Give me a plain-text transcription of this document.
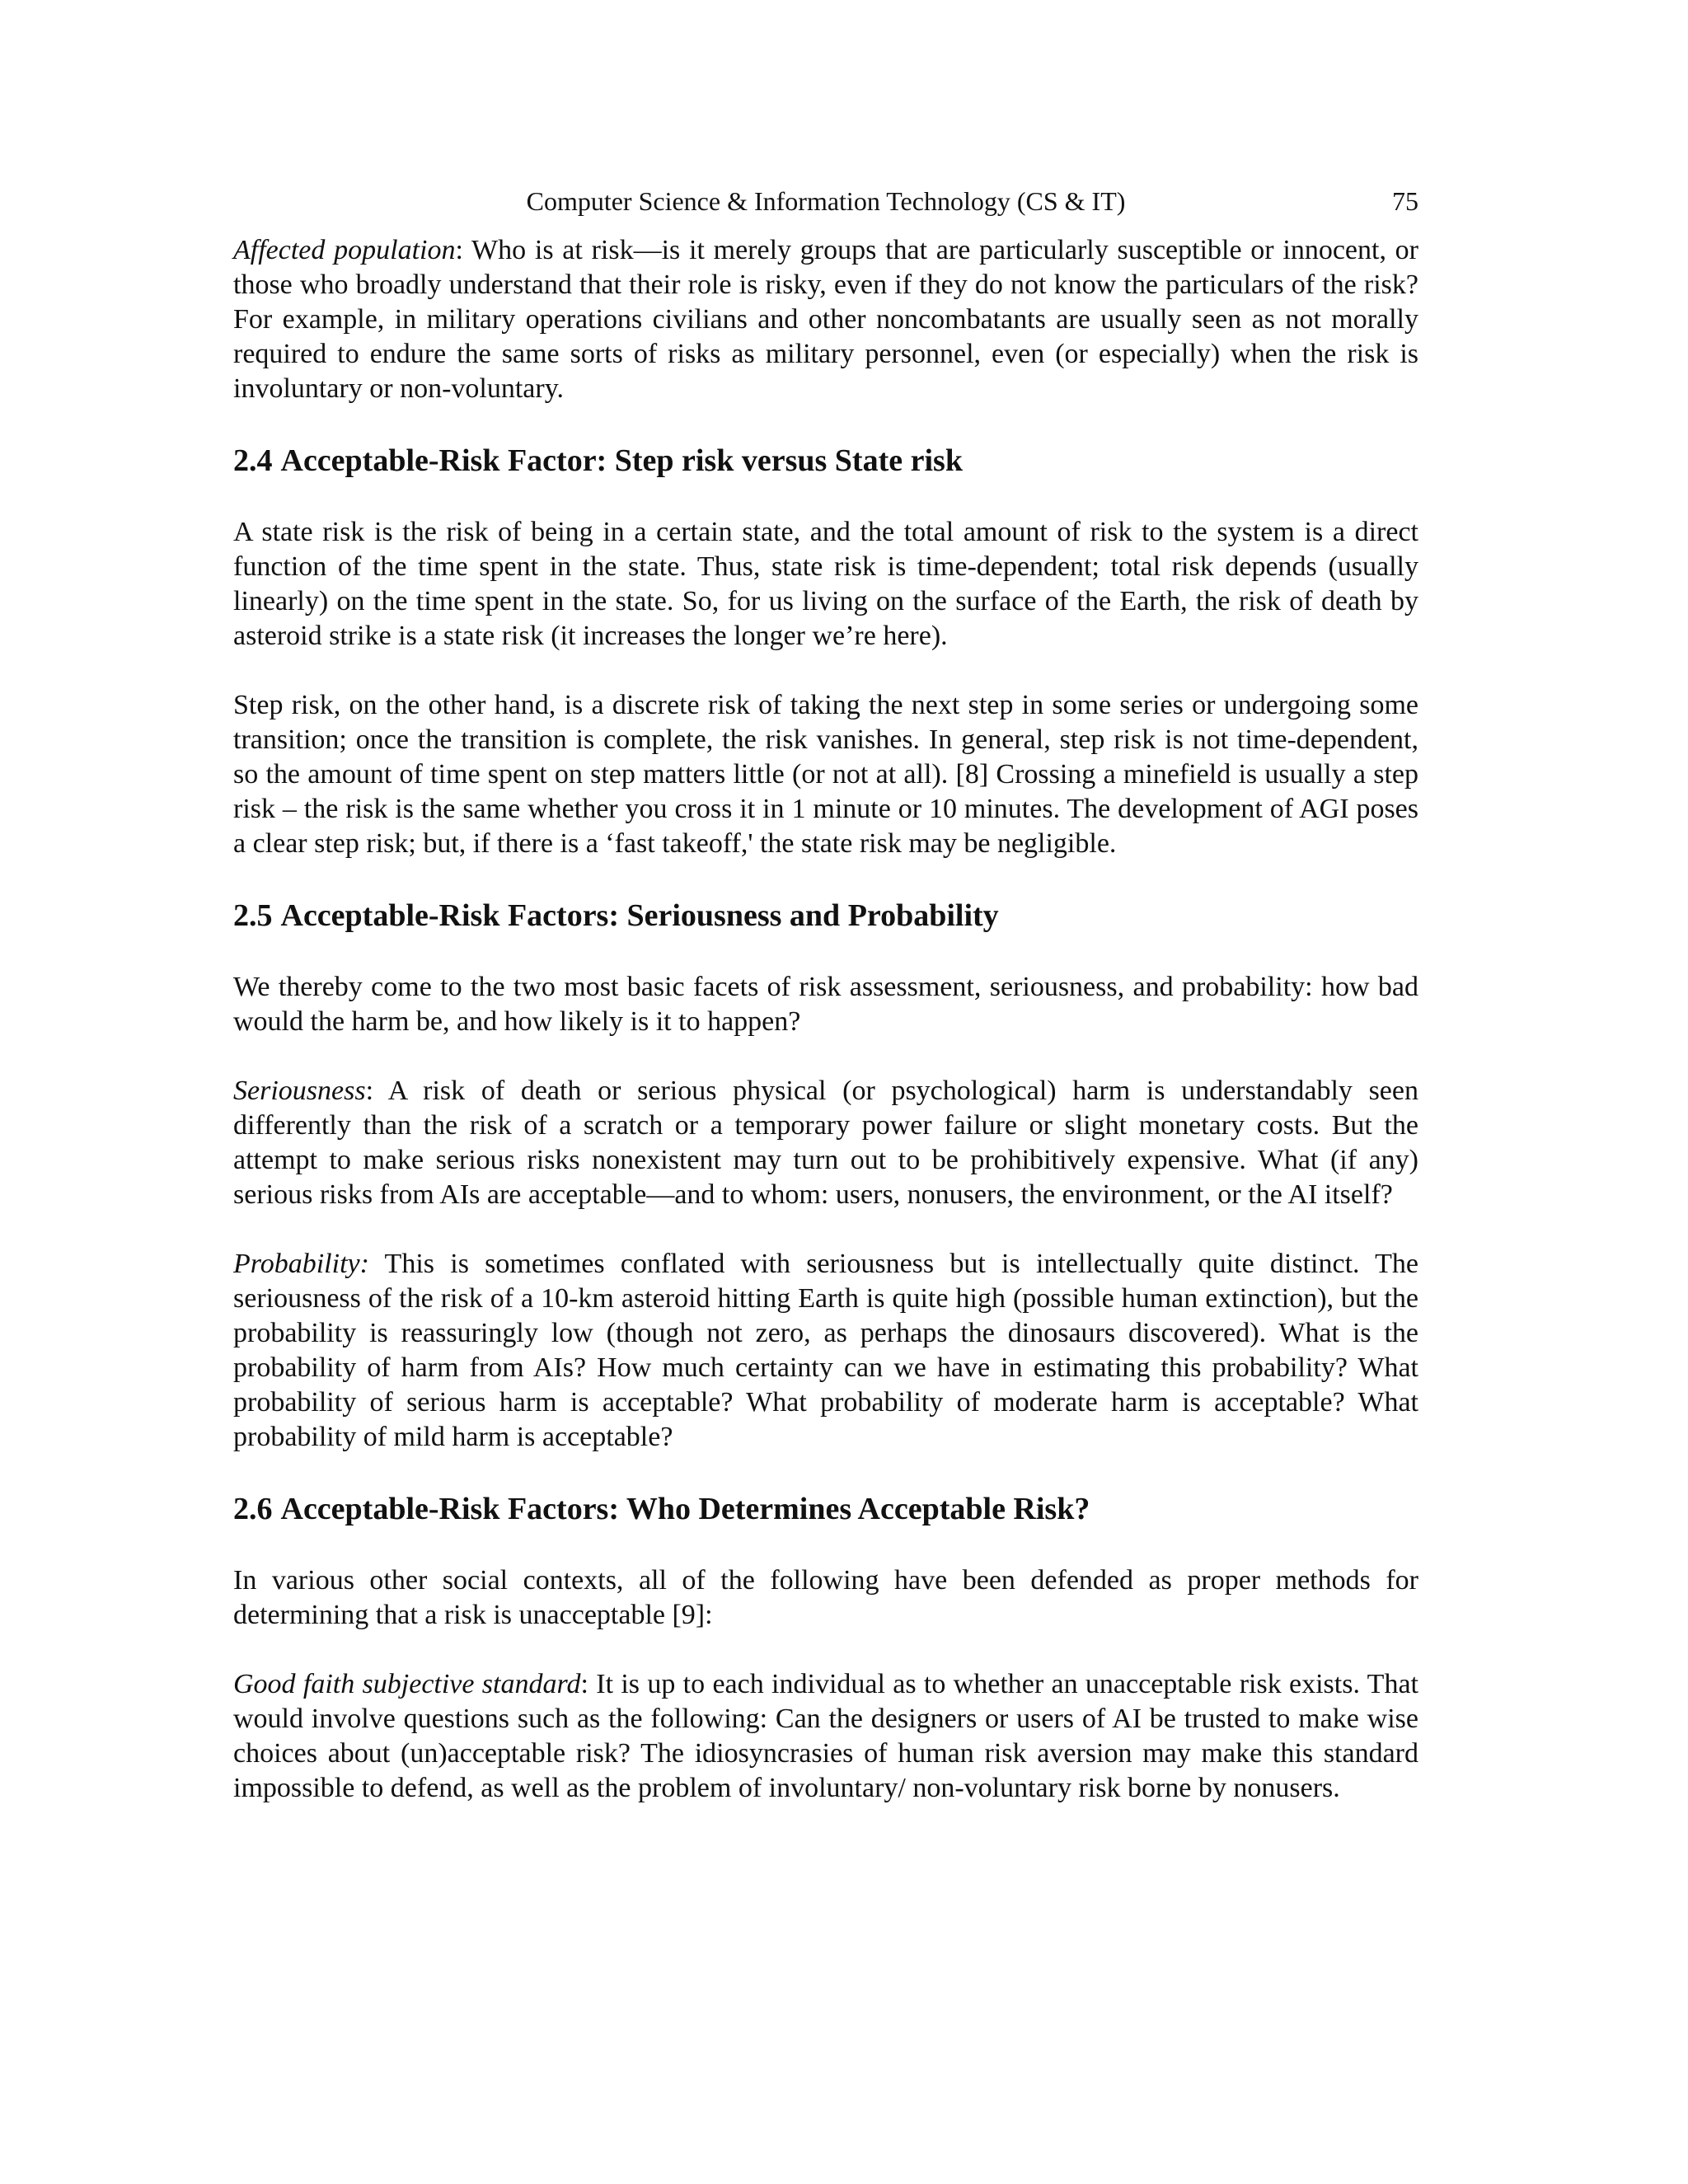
Computer Science & Information Technology (CS & IT)	75

Affected population: Who is at risk—is it merely groups that are particularly susceptible or innocent, or those who broadly understand that their role is risky, even if they do not know the particulars of the risk? For example, in military operations civilians and other noncombatants are usually seen as not morally required to endure the same sorts of risks as military personnel, even (or especially) when the risk is involuntary or non-voluntary.

2.4 Acceptable-Risk Factor: Step risk versus State risk

A state risk is the risk of being in a certain state, and the total amount of risk to the system is a direct function of the time spent in the state. Thus, state risk is time-dependent; total risk depends (usually linearly) on the time spent in the state. So, for us living on the surface of the Earth, the risk of death by asteroid strike is a state risk (it increases the longer we’re here).

Step risk, on the other hand, is a discrete risk of taking the next step in some series or undergoing some transition; once the transition is complete, the risk vanishes. In general, step risk is not time-dependent, so the amount of time spent on step matters little (or not at all). [8] Crossing a minefield is usually a step risk – the risk is the same whether you cross it in 1 minute or 10 minutes. The development of AGI poses a clear step risk; but, if there is a ‘fast takeoff,' the state risk may be negligible.

2.5 Acceptable-Risk Factors: Seriousness and Probability

We thereby come to the two most basic facets of risk assessment, seriousness, and probability: how bad would the harm be, and how likely is it to happen?

Seriousness: A risk of death or serious physical (or psychological) harm is understandably seen differently than the risk of a scratch or a temporary power failure or slight monetary costs. But the attempt to make serious risks nonexistent may turn out to be prohibitively expensive. What (if any) serious risks from AIs are acceptable—and to whom: users, nonusers, the environment, or the AI itself?

Probability: This is sometimes conflated with seriousness but is intellectually quite distinct. The seriousness of the risk of a 10-km asteroid hitting Earth is quite high (possible human extinction), but the probability is reassuringly low (though not zero, as perhaps the dinosaurs discovered). What is the probability of harm from AIs? How much certainty can we have in estimating this probability? What probability of serious harm is acceptable? What probability of moderate harm is acceptable? What probability of mild harm is acceptable?

2.6 Acceptable-Risk Factors: Who Determines Acceptable Risk?

In various other social contexts, all of the following have been defended as proper methods for determining that a risk is unacceptable [9]:

Good faith subjective standard: It is up to each individual as to whether an unacceptable risk exists. That would involve questions such as the following: Can the designers or users of AI be trusted to make wise choices about (un)acceptable risk? The idiosyncrasies of human risk aversion may make this standard impossible to defend, as well as the problem of involuntary/ non-voluntary risk borne by nonusers.
